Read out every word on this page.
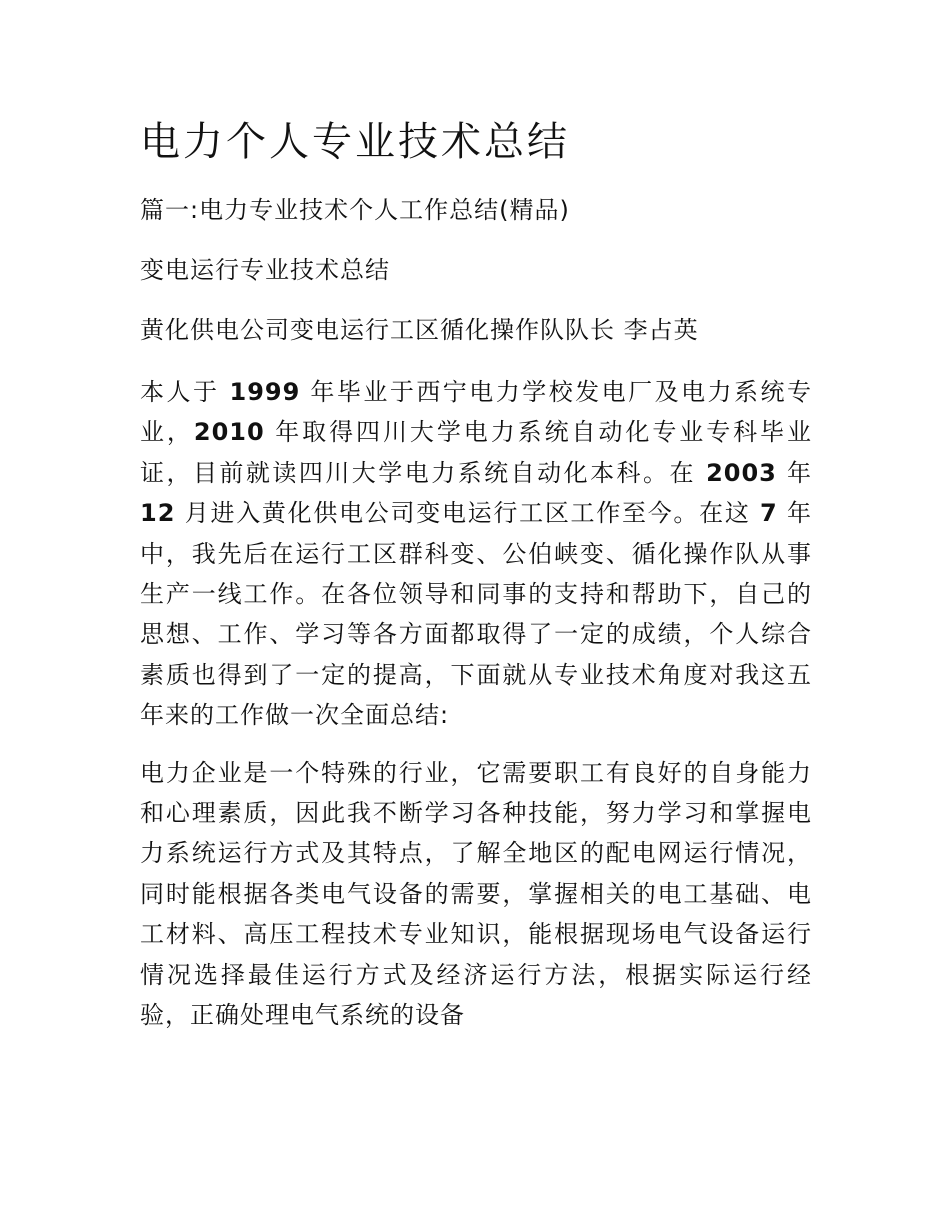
电力个人专业技术总结

篇一:电力专业技术个人工作总结(精品)

变电运行专业技术总结

黄化供电公司变电运行工区循化操作队队长 李占英

本人于 1999 年毕业于西宁电力学校发电厂及电力系统专业，2010 年取得四川大学电力系统自动化专业专科毕业证，目前就读四川大学电力系统自动化本科。在 2003 年 12 月进入黄化供电公司变电运行工区工作至今。在这 7 年中，我先后在运行工区群科变、公伯峡变、循化操作队从事生产一线工作。在各位领导和同事的支持和帮助下，自己的思想、工作、学习等各方面都取得了一定的成绩，个人综合素质也得到了一定的提高，下面就从专业技术角度对我这五年来的工作做一次全面总结:

电力企业是一个特殊的行业，它需要职工有良好的自身能力和心理素质，因此我不断学习各种技能，努力学习和掌握电力系统运行方式及其特点，了解全地区的配电网运行情况，同时能根据各类电气设备的需要，掌握相关的电工基础、电工材料、高压工程技术专业知识，能根据现场电气设备运行情况选择最佳运行方式及经济运行方法，根据实际运行经验，正确处理电气系统的设备
